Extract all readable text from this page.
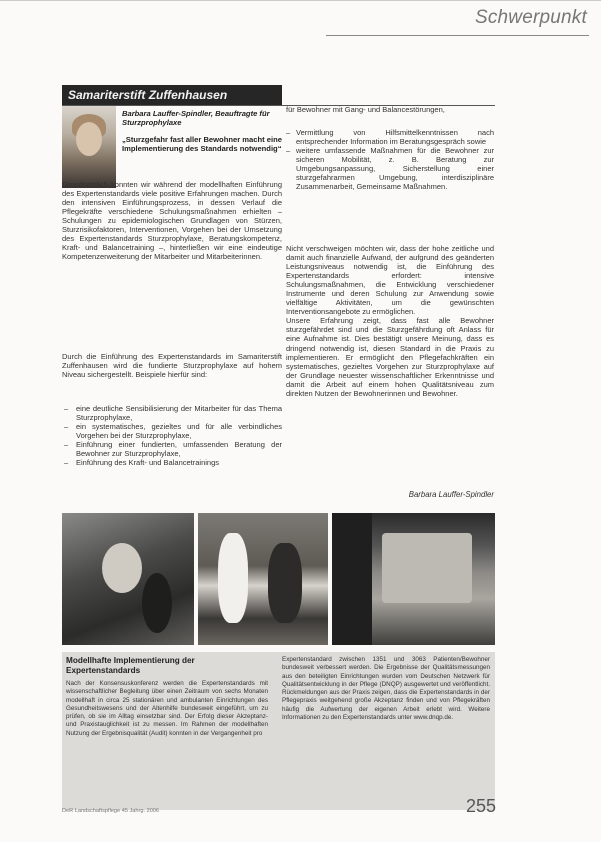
Schwerpunkt
Samariterstift Zuffenhausen
Barbara Lauffer-Spindler, Beauftragte für Sturzprophylaxe
„Sturzgefahr fast aller Bewohner macht eine Implementierung des Standards notwendig“

Grundsätzlich konnten wir während der modellhaften Einführung des Expertenstandards viele positive Erfahrungen machen. Durch den intensiven Einführungsprozess, in dessen Verlauf die Pflegekräfte verschiedene Schulungsmaßnahmen erhielten – Schulungen zu epidemiologischen Grundlagen von Stürzen, Sturzrisikofaktoren, Interventionen, Vorgehen bei der Umsetzung des Expertenstandards Sturzprophylaxe, Beratungskompetenz, Kraft- und Balancetraining –, hinterließen wir eine eindeutige Kompetenzerweiterung der Mitarbeiter und Mitarbeiterinnen.

Durch die Einführung des Expertenstandards im Samariterstift Zuffenhausen wird die fundierte Sturzprophylaxe auf hohem Niveau sichergestellt. Beispiele hierfür sind:

– eine deutliche Sensibilisierung der Mitarbeiter für das Thema Sturzprophylaxe,
– ein systematisches, gezieltes und für alle verbindliches Vorgehen bei der Sturzprophylaxe,
– Einführung einer fundierten, umfassenden Beratung der Bewohner zur Sturzprophylaxe,
– Einführung des Kraft- und Balancetrainings
für Bewohner mit Gang- und Balancestörungen,
– Vermittlung von Hilfsmittelkenntnissen nach entsprechender Information im Beratungsgespräch sowie
– weitere umfassende Maßnahmen für die Bewohner zur sicheren Mobilität, z. B. Beratung zur Umgebungsanpassung, Sicherstellung einer sturzgefahrarmen Umgebung, interdisziplinäre Zusammenarbeit, Gemeinsame Maßnahmen.

Nicht verschweigen möchten wir, dass der hohe zeitliche und damit auch finanzielle Aufwand, der aufgrund des geänderten Leistungsniveaus notwendig ist, die Einführung des Expertenstandards erfordert: intensive Schulungsmaßnahmen, die Entwicklung verschiedener Instrumente und deren Schulung zur Anwendung sowie vielfältige Aktivitäten, um die gewünschten Interventionsangebote zu ermöglichen.

Unsere Erfahrung zeigt, dass fast alle Bewohner sturzgefährdet sind und die Sturzgefährdung oft Anlass für eine Aufnahme ist. Dies bestätigt unsere Meinung, dass es dringend notwendig ist, diesen Standard in die Praxis zu implementieren. Er ermöglicht den Pflegefachkräften ein systematisches, gezieltes Vorgehen zur Sturzprophylaxe auf der Grundlage neuester wissenschaftlicher Erkenntnisse und damit die Arbeit auf einem hohen Qualitätsniveau zum direkten Nutzen der Bewohnerinnen und Bewohner.

Barbara Lauffer-Spindler
Modellhafte Implementierung der Expertenstandards
Nach der Konsensuskonferenz werden die Expertenstandards mit wissenschaftlicher Begleitung über einen Zeitraum von sechs Monaten modellhaft in circa 25 stationären und ambulanten Einrichtungen des Gesundheitswesens und der Altenhilfe bundesweit eingeführt, um zu prüfen, ob sie im Alltag einsetzbar sind. Der Erfolg dieser Akzeptanz- und Praxistauglichkeit ist zu messen. Im Rahmen der modellhaften Nutzung der Ergebnisqualität (Audit) konnten in der Vergangenheit pro
Expertenstandard zwischen 1351 und 3063 Patienten/Bewohner bundesweit verbessert werden. Die Ergebnisse der Qualitätsmessungen aus den beteiligten Einrichtungen wurden vom Deutschen Netzwerk für Qualitätsentwicklung in der Pflege (DNQP) ausgewertet und veröffentlicht. Rückmeldungen aus der Praxis zeigen, dass die Expertenstandards in der Pflegepraxis weitgehend große Akzeptanz finden und von Pflegekräften häufig die Aufwertung der eigenen Arbeit erlebt wird. Weitere Informationen zu den Expertenstandards unter www.dnqp.de.
DeR Landschaftspflege 45 Jahrg. 2006	255
